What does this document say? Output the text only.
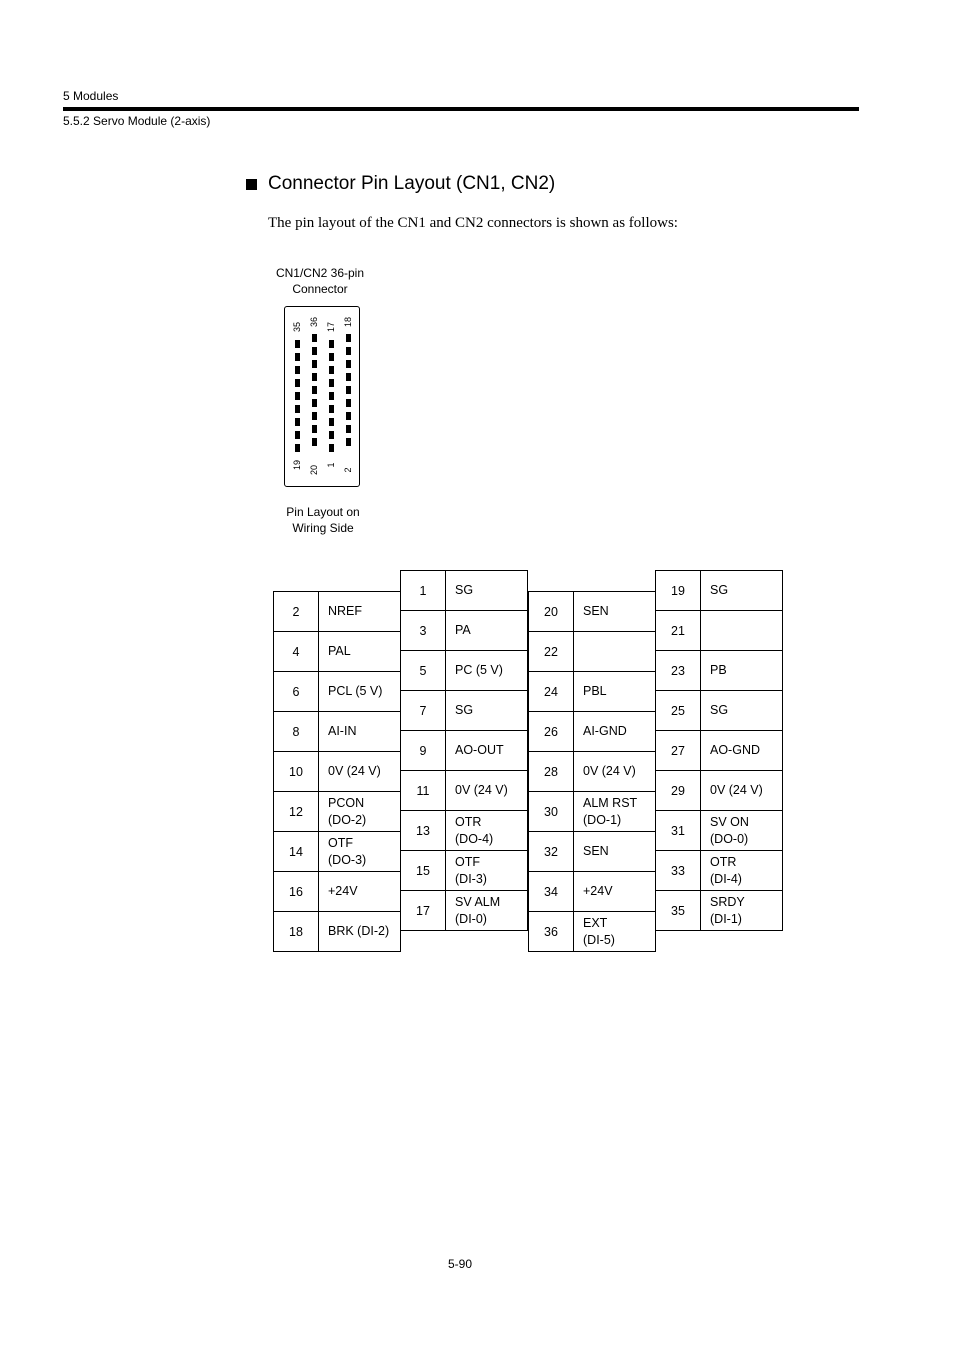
5 Modules
5.5.2 Servo Module (2-axis)
Connector Pin Layout (CN1, CN2)
The pin layout of the CN1 and CN2 connectors is shown as follows:
CN1/CN2 36-pin
Connector
35 36 17 18
19 20 1
2
Pin Layout on
Wiring Side
2	NREF

4	PAL

6	PCL (5 V)

8	AI-IN

10	0V (24 V)

12	PCON
(DO-2)

14	OTF
(DO-3)

16	+24V

18	BRK (DI-2)
1	SG

3	PA

5	PC (5 V)

7	SG

9	AO-OUT

11	0V (24 V)

13	OTR
(DO-4)

15	OTF
(DI-3)

17	SV ALM
(DI-0)
20	SEN

22	

24	PBL

26	AI-GND

28	0V (24 V)

30	ALM RST
(DO-1)

32	SEN

34	+24V

36	EXT
(DI-5)
19	SG

21	

23	PB

25	SG

27	AO-GND

29	0V (24 V)

31	SV ON
(DO-0)

33	OTR
(DI-4)

35	SRDY
(DI-1)
5-90
